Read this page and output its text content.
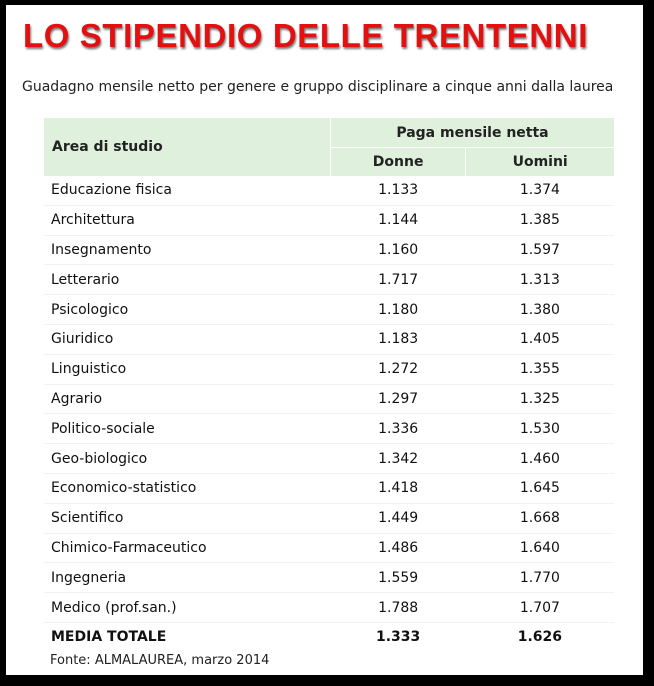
LO STIPENDIO DELLE TRENTENNI
Guadagno mensile netto per genere e gruppo disciplinare a cinque anni dalla laurea
Area di studio	Paga mensile netta	
	Donne	Uomini
Educazione fisica	1.133	1.374
Architettura	1.144	1.385
Insegnamento	1.160	1.597
Letterario	1.717	1.313
Psicologico	1.180	1.380
Giuridico	1.183	1.405
Linguistico	1.272	1.355
Agrario	1.297	1.325
Politico-sociale	1.336	1.530
Geo-biologico	1.342	1.460
Economico-statistico	1.418	1.645
Scientifico	1.449	1.668
Chimico-Farmaceutico	1.486	1.640
Ingegneria	1.559	1.770
Medico (prof.san.)	1.788	1.707
MEDIA TOTALE	1.333	1.626
Fonte: ALMALAUREA, marzo 2014
